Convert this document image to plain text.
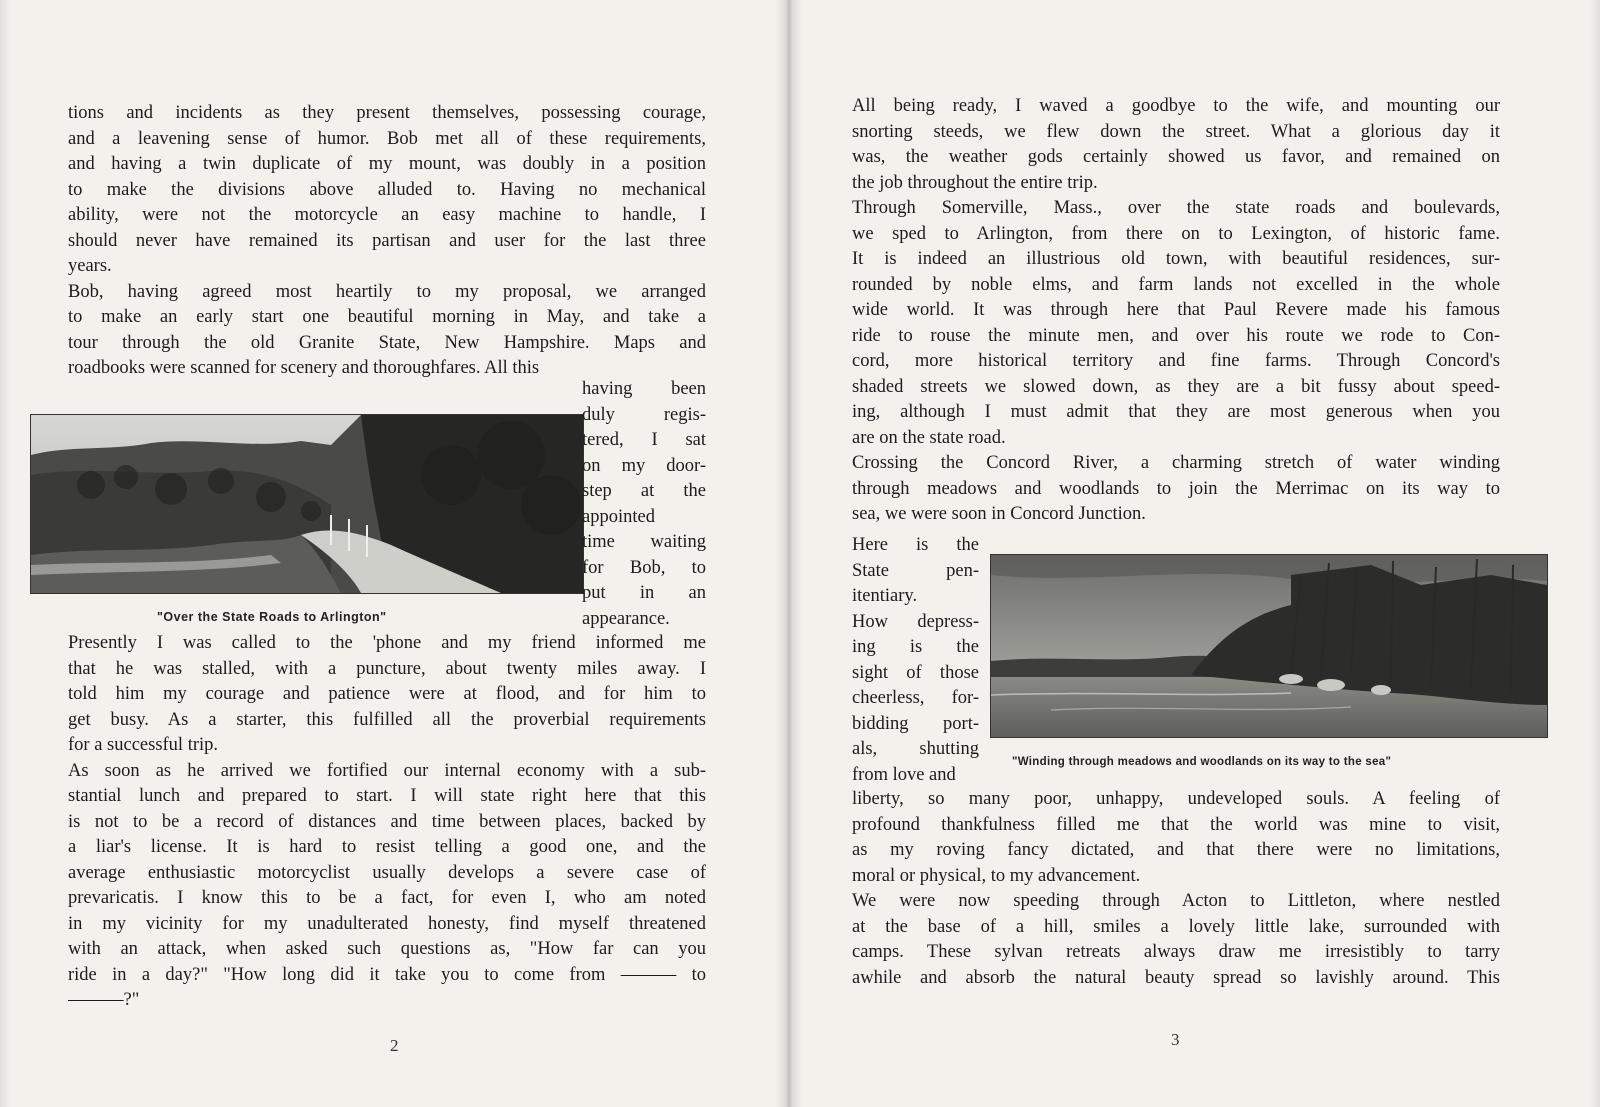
tions and incidents as they present themselves, possessing courage,
and a leavening sense of humor. Bob met all of these requirements,
and having a twin duplicate of my mount, was doubly in a position
to make the divisions above alluded to. Having no mechanical
ability, were not the motorcycle an easy machine to handle, I
should never have remained its partisan and user for the last three
years.
Bob, having agreed most heartily to my proposal, we arranged
to make an early start one beautiful morning in May, and take a
tour through the old Granite State, New Hampshire. Maps and
roadbooks were scanned for scenery and thoroughfares. All this
having been
duly regis-
tered, I sat
on my door-
step at the
appointed
time waiting
for Bob, to
put in an
appearance.
Presently I was called to the 'phone and my friend informed me
that he was stalled, with a puncture, about twenty miles away. I
told him my courage and patience were at flood, and for him to
get busy. As a starter, this fulfilled all the proverbial requirements
for a successful trip.
As soon as he arrived we fortified our internal economy with a sub-
stantial lunch and prepared to start. I will state right here that this
is not to be a record of distances and time between places, backed by
a liar's license. It is hard to resist telling a good one, and the
average enthusiastic motorcyclist usually develops a severe case of
prevaricatis. I know this to be a fact, for even I, who am noted
in my vicinity for my unadulterated honesty, find myself threatened
with an attack, when asked such questions as, "How far can you
ride in a day?" "How long did it take you to come from ——— to
———?"
All being ready, I waved a goodbye to the wife, and mounting our
snorting steeds, we flew down the street. What a glorious day it
was, the weather gods certainly showed us favor, and remained on
the job throughout the entire trip.
Through Somerville, Mass., over the state roads and boulevards,
we sped to Arlington, from there on to Lexington, of historic fame.
It is indeed an illustrious old town, with beautiful residences, sur-
rounded by noble elms, and farm lands not excelled in the whole
wide world. It was through here that Paul Revere made his famous
ride to rouse the minute men, and over his route we rode to Con-
cord, more historical territory and fine farms. Through Concord's
shaded streets we slowed down, as they are a bit fussy about speed-
ing, although I must admit that they are most generous when you
are on the state road.
Crossing the Concord River, a charming stretch of water winding
through meadows and woodlands to join the Merrimac on its way to
sea, we were soon in Concord Junction.
Here is the
State pen-
itentiary.
How depress-
ing is the
sight of those
cheerless, for-
bidding port-
als, shutting
from love and
liberty, so many poor, unhappy, undeveloped souls. A feeling of
profound thankfulness filled me that the world was mine to visit,
as my roving fancy dictated, and that there were no limitations,
moral or physical, to my advancement.
We were now speeding through Acton to Littleton, where nestled
at the base of a hill, smiles a lovely little lake, surrounded with
camps. These sylvan retreats always draw me irresistibly to tarry
awhile and absorb the natural beauty spread so lavishly around. This
"Over the State Roads to Arlington"
"Winding through meadows and woodlands on its way to the sea"
2	3
